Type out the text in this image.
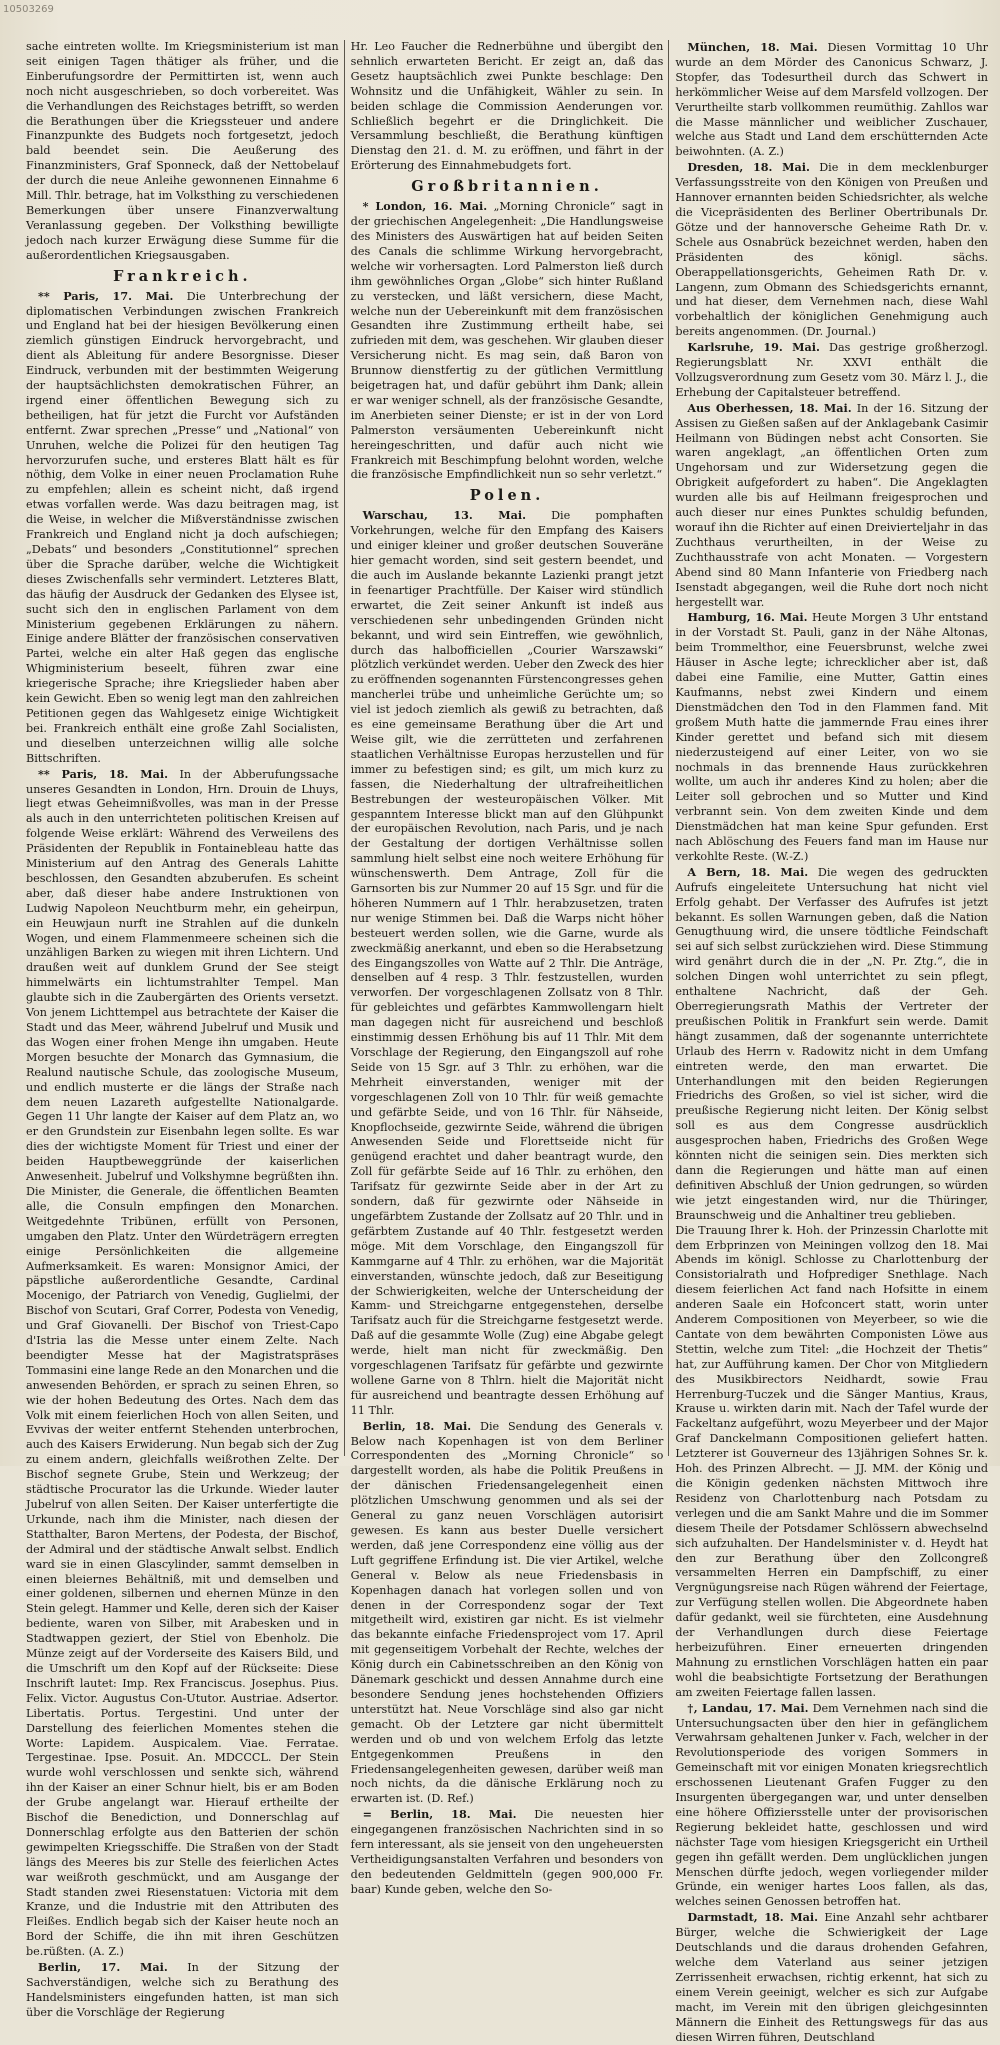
10503269

sache eintreten wollte. Im Kriegsministerium ist man seit einigen Tagen thätiger als früher, und die Einberufungsordre der Permittirten ist, wenn auch noch nicht ausgeschrieben, so doch vorbereitet. Was die Verhandlungen des Reichstages betrifft, so werden die Berathungen über die Kriegssteuer und andere Finanzpunkte des Budgets noch fortgesetzt, jedoch bald beendet sein. Die Aeußerung des Finanzministers, Graf Sponneck, daß der Nettobelauf der durch die neue Anleihe gewonnenen Einnahme 6 Mill. Thlr. betrage, hat im Volksthing zu verschiedenen Bemerkungen über unsere Finanzverwaltung Veranlassung gegeben. Der Volksthing bewilligte jedoch nach kurzer Erwägung diese Summe für die außerordentlichen Kriegsausgaben.

Frankreich.

** Paris, 17. Mai. Die Unterbrechung der diplomatischen Verbindungen zwischen Frankreich und England hat bei der hiesigen Bevölkerung einen ziemlich günstigen Eindruck hervorgebracht, und dient als Ableitung für andere Besorgnisse. Dieser Eindruck, verbunden mit der bestimmten Weigerung der hauptsächlichsten demokratischen Führer, an irgend einer öffentlichen Bewegung sich zu betheiligen, hat für jetzt die Furcht vor Aufständen entfernt. Zwar sprechen „Presse“ und „National“ von Unruhen, welche die Polizei für den heutigen Tag hervorzurufen suche, und ersteres Blatt hält es für nöthig, dem Volke in einer neuen Proclamation Ruhe zu empfehlen; allein es scheint nicht, daß irgend etwas vorfallen werde. Was dazu beitragen mag, ist die Weise, in welcher die Mißverständnisse zwischen Frankreich und England nicht ja doch aufschiegen; „Debats“ und besonders „Constitutionnel“ sprechen über die Sprache darüber, welche die Wichtigkeit dieses Zwischenfalls sehr vermindert. Letzteres Blatt, das häufig der Ausdruck der Gedanken des Elysee ist, sucht sich den in englischen Parlament von dem Ministerium gegebenen Erklärungen zu nähern. Einige andere Blätter der französischen conservativen Partei, welche ein alter Haß gegen das englische Whigministerium beseelt, führen zwar eine kriegerische Sprache; ihre Kriegslieder haben aber kein Gewicht. Eben so wenig legt man den zahlreichen Petitionen gegen das Wahlgesetz einige Wichtigkeit bei. Frankreich enthält eine große Zahl Socialisten, und dieselben unterzeichnen willig alle solche Bittschriften.

** Paris, 18. Mai. In der Abberufungssache unseres Gesandten in London, Hrn. Drouin de Lhuys, liegt etwas Geheimnißvolles, was man in der Presse als auch in den unterrichteten politischen Kreisen auf folgende Weise erklärt: Während des Verweilens des Präsidenten der Republik in Fontainebleau hatte das Ministerium auf den Antrag des Generals Lahitte beschlossen, den Gesandten abzuberufen. Es scheint aber, daß dieser habe andere Instruktionen von Ludwig Napoleon Neuchtburm mehr, ein geheirpun, ein Heuwjaun nurft ine Strahlen auf die dunkeln Wogen, und einem Flammenmeere scheinen sich die unzähligen Barken zu wiegen mit ihren Lichtern. Und draußen weit auf dunklem Grund der See steigt himmelwärts ein lichtumstrahlter Tempel. Man glaubte sich in die Zaubergärten des Orients versetzt. Von jenem Lichttempel aus betrachtete der Kaiser die Stadt und das Meer, während Jubelruf und Musik und das Wogen einer frohen Menge ihn umgaben. Heute Morgen besuchte der Monarch das Gymnasium, die Realund nautische Schule, das zoologische Museum, und endlich musterte er die längs der Straße nach dem neuen Lazareth aufgestellte Nationalgarde. Gegen 11 Uhr langte der Kaiser auf dem Platz an, wo er den Grundstein zur Eisenbahn legen sollte. Es war dies der wichtigste Moment für Triest und einer der beiden Hauptbeweggründe der kaiserlichen Anwesenheit. Jubelruf und Volkshymne begrüßten ihn. Die Minister, die Generale, die öffentlichen Beamten alle, die Consuln empfingen den Monarchen. Weitgedehnte Tribünen, erfüllt von Personen, umgaben den Platz. Unter den Würdeträgern erregten einige Persönlichkeiten die allgemeine Aufmerksamkeit. Es waren: Monsignor Amici, der päpstliche außerordentliche Gesandte, Cardinal Mocenigo, der Patriarch von Venedig, Guglielmi, der Bischof von Scutari, Graf Correr, Podesta von Venedig, und Graf Giovanelli. Der Bischof von Triest-Capo d'Istria las die Messe unter einem Zelte. Nach beendigter Messe hat der Magistratspräses Tommasini eine lange Rede an den Monarchen und die anwesenden Behörden, er sprach zu seinen Ehren, so wie der hohen Bedeutung des Ortes. Nach dem das Volk mit einem feierlichen Hoch von allen Seiten, und Evvivas der weiter entfernt Stehenden unterbrochen, auch des Kaisers Erwiderung. Nun begab sich der Zug zu einem andern, gleichfalls weißrothen Zelte. Der Bischof segnete Grube, Stein und Werkzeug; der städtische Procurator las die Urkunde. Wieder lauter Jubelruf von allen Seiten. Der Kaiser unterfertigte die Urkunde, nach ihm die Minister, nach diesen der Statthalter, Baron Mertens, der Podesta, der Bischof, der Admiral und der städtische Anwalt selbst. Endlich ward sie in einen Glascylinder, sammt demselben in einen bleiernes Behältniß, mit und demselben und einer goldenen, silbernen und ehernen Münze in den Stein gelegt. Hammer und Kelle, deren sich der Kaiser bediente, waren von Silber, mit Arabesken und in Stadtwappen geziert, der Stiel von Ebenholz. Die Münze zeigt auf der Vorderseite des Kaisers Bild, und die Umschrift um den Kopf auf der Rückseite: Diese Inschrift lautet: Imp. Rex Franciscus. Josephus. Pius. Felix. Victor. Augustus Con-Ututor. Austriae. Adsertor. Libertatis. Portus. Tergestini. Und unter der Darstellung des feierlichen Momentes stehen die Worte: Lapidem. Auspicalem. Viae. Ferratae. Tergestinae. Ipse. Posuit. An. MDCCCL. Der Stein wurde wohl verschlossen und senkte sich, während ihn der Kaiser an einer Schnur hielt, bis er am Boden der Grube angelangt war. Hierauf ertheilte der Bischof die Benediction, und Donnerschlag auf Donnerschlag erfolgte aus den Batterien der schön gewimpelten Kriegsschiffe. Die Straßen von der Stadt längs des Meeres bis zur Stelle des feierlichen Actes war weißroth geschmückt, und am Ausgange der Stadt standen zwei Riesenstatuen: Victoria mit dem Kranze, und die Industrie mit den Attributen des Fleißes. Endlich begab sich der Kaiser heute noch an Bord der Schiffe, die ihn mit ihren Geschützen be.rüßten. (A. Z.)

Berlin, 17. Mai. In der Sitzung der Sachverständigen, welche sich zu Berathung des Handelsministers eingefunden hatten, ist man sich über die Vorschläge der Regierung

Hr. Leo Faucher die Rednerbühne und übergibt den sehnlich erwarteten Bericht. Er zeigt an, daß das Gesetz hauptsächlich zwei Punkte beschlage: Den Wohnsitz und die Unfähigkeit, Wähler zu sein. In beiden schlage die Commission Aenderungen vor. Schließlich begehrt er die Dringlichkeit. Die Versammlung beschließt, die Berathung künftigen Dienstag den 21. d. M. zu eröffnen, und fährt in der Erörterung des Einnahmebudgets fort.

Großbritannien.

* London, 16. Mai. „Morning Chronicle“ sagt in der griechischen Angelegenheit: „Die Handlungsweise des Ministers des Auswärtigen hat auf beiden Seiten des Canals die schlimme Wirkung hervorgebracht, welche wir vorhersagten. Lord Palmerston ließ durch ihm gewöhnliches Organ „Globe“ sich hinter Rußland zu verstecken, und läßt versichern, diese Macht, welche nun der Uebereinkunft mit dem französischen Gesandten ihre Zustimmung ertheilt habe, sei zufrieden mit dem, was geschehen. Wir glauben dieser Versicherung nicht. Es mag sein, daß Baron von Brunnow dienstfertig zu der gütlichen Vermittlung beigetragen hat, und dafür gebührt ihm Dank; allein er war weniger schnell, als der französische Gesandte, im Anerbieten seiner Dienste; er ist in der von Lord Palmerston versäumenten Uebereinkunft nicht hereingeschritten, und dafür auch nicht wie Frankreich mit Beschimpfung belohnt worden, welche die französische Empfindlichkeit nun so sehr verletzt.“

Polen.

Warschau, 13. Mai. Die pomphaften Vorkehrungen, welche für den Empfang des Kaisers und einiger kleiner und großer deutschen Souveräne hier gemacht worden, sind seit gestern beendet, und die auch im Auslande bekannte Lazienki prangt jetzt in feenartiger Prachtfülle. Der Kaiser wird stündlich erwartet, die Zeit seiner Ankunft ist indeß aus verschiedenen sehr unbedingenden Gründen nicht bekannt, und wird sein Eintreffen, wie gewöhnlich, durch das halbofficiellen „Courier Warszawski“ plötzlich verkündet werden. Ueber den Zweck des hier zu eröffnenden sogenannten Fürstencongresses gehen mancherlei trübe und unheimliche Gerüchte um; so viel ist jedoch ziemlich als gewiß zu betrachten, daß es eine gemeinsame Berathung über die Art und Weise gilt, wie die zerrütteten und zerfahrenen staatlichen Verhältnisse Europas herzustellen und für immer zu befestigen sind; es gilt, um mich kurz zu fassen, die Niederhaltung der ultrafreiheitlichen Bestrebungen der westeuropäischen Völker. Mit gespanntem Interesse blickt man auf den Glühpunkt der europäischen Revolution, nach Paris, und je nach der Gestaltung der dortigen Verhältnisse sollen sammlung hielt selbst eine noch weitere Erhöhung für wünschenswerth. Dem Antrage, Zoll für die Garnsorten bis zur Nummer 20 auf 15 Sgr. und für die höheren Nummern auf 1 Thlr. herabzusetzen, traten nur wenige Stimmen bei. Daß die Warps nicht höher besteuert werden sollen, wie die Garne, wurde als zweckmäßig anerkannt, und eben so die Herabsetzung des Eingangszolles von Watte auf 2 Thlr. Die Anträge, denselben auf 4 resp. 3 Thlr. festzustellen, wurden verworfen. Der vorgeschlagenen Zollsatz von 8 Thlr. für gebleichtes und gefärbtes Kammwollengarn hielt man dagegen nicht für ausreichend und beschloß einstimmig dessen Erhöhung bis auf 11 Thlr. Mit dem Vorschlage der Regierung, den Eingangszoll auf rohe Seide von 15 Sgr. auf 3 Thlr. zu erhöhen, war die Mehrheit einverstanden, weniger mit der vorgeschlagenen Zoll von 10 Thlr. für weiß gemachte und gefärbte Seide, und von 16 Thlr. für Nähseide, Knopflochseide, gezwirnte Seide, während die übrigen Anwesenden Seide und Florettseide nicht für genügend erachtet und daher beantragt wurde, den Zoll für gefärbte Seide auf 16 Thlr. zu erhöhen, den Tarifsatz für gezwirnte Seide aber in der Art zu sondern, daß für gezwirnte oder Nähseide in ungefärbtem Zustande der Zollsatz auf 20 Thlr. und in gefärbtem Zustande auf 40 Thlr. festgesetzt werden möge. Mit dem Vorschlage, den Eingangszoll für Kammgarne auf 4 Thlr. zu erhöhen, war die Majorität einverstanden, wünschte jedoch, daß zur Beseitigung der Schwierigkeiten, welche der Unterscheidung der Kamm- und Streichgarne entgegenstehen, derselbe Tarifsatz auch für die Streichgarne festgesetzt werde. Daß auf die gesammte Wolle (Zug) eine Abgabe gelegt werde, hielt man nicht für zweckmäßig. Den vorgeschlagenen Tarifsatz für gefärbte und gezwirnte wollene Garne von 8 Thlrn. hielt die Majorität nicht für ausreichend und beantragte dessen Erhöhung auf 11 Thlr.

Berlin, 18. Mai. Die Sendung des Generals v. Below nach Kopenhagen ist von dem Berliner Correspondenten des „Morning Chronicle“ so dargestellt worden, als habe die Politik Preußens in der dänischen Friedensangelegenheit einen plötzlichen Umschwung genommen und als sei der General zu ganz neuen Vorschlägen autorisirt gewesen. Es kann aus bester Duelle versichert werden, daß jene Correspondenz eine völlig aus der Luft gegriffene Erfindung ist. Die vier Artikel, welche General v. Below als neue Friedensbasis in Kopenhagen danach hat vorlegen sollen und von denen in der Correspondenz sogar der Text mitgetheilt wird, existiren gar nicht. Es ist vielmehr das bekannte einfache Friedensproject vom 17. April mit gegenseitigem Vorbehalt der Rechte, welches der König durch ein Cabinetsschreiben an den König von Dänemark geschickt und dessen Annahme durch eine besondere Sendung jenes hochstehenden Offiziers unterstützt hat. Neue Vorschläge sind also gar nicht gemacht. Ob der Letztere gar nicht übermittelt werden und ob und von welchem Erfolg das letzte Entgegenkommen Preußens in den Friedensangelegenheiten gewesen, darüber weiß man noch nichts, da die dänische Erklärung noch zu erwarten ist. (D. Ref.)

= Berlin, 18. Mai. Die neuesten hier eingegangenen französischen Nachrichten sind in so fern interessant, als sie jenseit von den ungeheuersten Vertheidigungsanstalten Verfahren und besonders von den bedeutenden Geldmitteln (gegen 900,000 Fr. baar) Kunde geben, welche den So-

München, 18. Mai. Diesen Vormittag 10 Uhr wurde an dem Mörder des Canonicus Schwarz, J. Stopfer, das Todesurtheil durch das Schwert in herkömmlicher Weise auf dem Marsfeld vollzogen. Der Verurtheilte starb vollkommen reumüthig. Zahllos war die Masse männlicher und weiblicher Zuschauer, welche aus Stadt und Land dem erschütternden Acte beiwohnten. (A. Z.)

Dresden, 18. Mai. Die in dem mecklenburger Verfassungsstreite von den Königen von Preußen und Hannover ernannten beiden Schiedsrichter, als welche die Vicepräsidenten des Berliner Obertribunals Dr. Götze und der hannoversche Geheime Rath Dr. v. Schele aus Osnabrück bezeichnet werden, haben den Präsidenten des königl. sächs. Oberappellationsgerichts, Geheimen Rath Dr. v. Langenn, zum Obmann des Schiedsgerichts ernannt, und hat dieser, dem Vernehmen nach, diese Wahl vorbehaltlich der königlichen Genehmigung auch bereits angenommen. (Dr. Journal.)

Karlsruhe, 19. Mai. Das gestrige großherzogl. Regierungsblatt Nr. XXVI enthält die Vollzugsverordnung zum Gesetz vom 30. März l. J., die Erhebung der Capitalsteuer betreffend.

Aus Oberhessen, 18. Mai. In der 16. Sitzung der Assisen zu Gießen saßen auf der Anklagebank Casimir Heilmann von Büdingen nebst acht Consorten. Sie waren angeklagt, „an öffentlichen Orten zum Ungehorsam und zur Widersetzung gegen die Obrigkeit aufgefordert zu haben“. Die Angeklagten wurden alle bis auf Heilmann freigesprochen und auch dieser nur eines Punktes schuldig befunden, worauf ihn die Richter auf einen Dreivierteljahr in das Zuchthaus verurtheilten, in der Weise zu Zuchthausstrafe von acht Monaten. — Vorgestern Abend sind 80 Mann Infanterie von Friedberg nach Isenstadt abgegangen, weil die Ruhe dort noch nicht hergestellt war.

Hamburg, 16. Mai. Heute Morgen 3 Uhr entstand in der Vorstadt St. Pauli, ganz in der Nähe Altonas, beim Trommelthor, eine Feuersbrunst, welche zwei Häuser in Asche legte; ichrecklicher aber ist, daß dabei eine Familie, eine Mutter, Gattin eines Kaufmanns, nebst zwei Kindern und einem Dienstmädchen den Tod in den Flammen fand. Mit großem Muth hatte die jammernde Frau eines ihrer Kinder gerettet und befand sich mit diesem niederzusteigend auf einer Leiter, von wo sie nochmals in das brennende Haus zurückkehren wollte, um auch ihr anderes Kind zu holen; aber die Leiter soll gebrochen und so Mutter und Kind verbrannt sein. Von dem zweiten Kinde und dem Dienstmädchen hat man keine Spur gefunden. Erst nach Ablöschung des Feuers fand man im Hause nur verkohlte Reste. (W.-Z.)

A Bern, 18. Mai. Die wegen des gedruckten Aufrufs eingeleitete Untersuchung hat nicht viel Erfolg gehabt. Der Verfasser des Aufrufes ist jetzt bekannt. Es sollen Warnungen geben, daß die Nation Genugthuung wird, die unsere tödtliche Feindschaft sei auf sich selbst zurückziehen wird. Diese Stimmung wird genährt durch die in der „N. Pr. Ztg.“, die in solchen Dingen wohl unterrichtet zu sein pflegt, enthaltene Nachricht, daß der Geh. Oberregierungsrath Mathis der Vertreter der preußischen Politik in Frankfurt sein werde. Damit hängt zusammen, daß der sogenannte unterrichtete Urlaub des Herrn v. Radowitz nicht in dem Umfang eintreten werde, den man erwartet. Die Unterhandlungen mit den beiden Regierungen Friedrichs des Großen, so viel ist sicher, wird die preußische Regierung nicht leiten. Der König selbst soll es aus dem Congresse ausdrücklich ausgesprochen haben, Friedrichs des Großen Wege könnten nicht die seinigen sein. Dies merkten sich dann die Regierungen und hätte man auf einen definitiven Abschluß der Union gedrungen, so würden wie jetzt eingestanden wird, nur die Thüringer, Braunschweig und die Anhaltiner treu geblieben.

Die Trauung Ihrer k. Hoh. der Prinzessin Charlotte mit dem Erbprinzen von Meiningen vollzog den 18. Mai Abends im königl. Schlosse zu Charlottenburg der Consistorialrath und Hofprediger Snethlage. Nach diesem feierlichen Act fand nach Hofsitte in einem anderen Saale ein Hofconcert statt, worin unter Anderem Compositionen von Meyerbeer, so wie die Cantate von dem bewährten Componisten Löwe aus Stettin, welche zum Titel: „die Hochzeit der Thetis“ hat, zur Aufführung kamen. Der Chor von Mitgliedern des Musikbirectors Neidhardt, sowie Frau Herrenburg-Tuczek und die Sänger Mantius, Kraus, Krause u. wirkten darin mit. Nach der Tafel wurde der Fackeltanz aufgeführt, wozu Meyerbeer und der Major Graf Danckelmann Compositionen geliefert hatten. Letzterer ist Gouverneur des 13jährigen Sohnes Sr. k. Hoh. des Prinzen Albrecht. — JJ. MM. der König und die Königin gedenken nächsten Mittwoch ihre Residenz von Charlottenburg nach Potsdam zu verlegen und die am Sankt Mahre und die im Sommer diesem Theile der Potsdamer Schlössern abwechselnd sich aufzuhalten. Der Handelsminister v. d. Heydt hat den zur Berathung über den Zollcongreß versammelten Herren ein Dampfschiff, zu einer Vergnügungsreise nach Rügen während der Feiertage, zur Verfügung stellen wollen. Die Abgeordnete haben dafür gedankt, weil sie fürchteten, eine Ausdehnung der Verhandlungen durch diese Feiertage herbeizuführen. Einer erneuerten dringenden Mahnung zu ernstlichen Vorschlägen hatten ein paar wohl die beabsichtigte Fortsetzung der Berathungen am zweiten Feiertage fallen lassen.

†, Landau, 17. Mai. Dem Vernehmen nach sind die Untersuchungsacten über den hier in gefänglichem Verwahrsam gehaltenen Junker v. Fach, welcher in der Revolutionsperiode des vorigen Sommers in Gemeinschaft mit vor einigen Monaten kriegsrechtlich erschossenen Lieutenant Grafen Fugger zu den Insurgenten übergegangen war, und unter denselben eine höhere Offiziersstelle unter der provisorischen Regierung bekleidet hatte, geschlossen und wird nächster Tage vom hiesigen Kriegsgericht ein Urtheil gegen ihn gefällt werden. Dem unglücklichen jungen Menschen dürfte jedoch, wegen vorliegender milder Gründe, ein weniger hartes Loos fallen, als das, welches seinen Genossen betroffen hat.

Darmstadt, 18. Mai. Eine Anzahl sehr achtbarer Bürger, welche die Schwierigkeit der Lage Deutschlands und die daraus drohenden Gefahren, welche dem Vaterland aus seiner jetzigen Zerrissenheit erwachsen, richtig erkennt, hat sich zu einem Verein geeinigt, welcher es sich zur Aufgabe macht, im Verein mit den übrigen gleichgesinnten Männern die Einheit des Rettungswegs für das aus diesen Wirren führen, Deutschland
